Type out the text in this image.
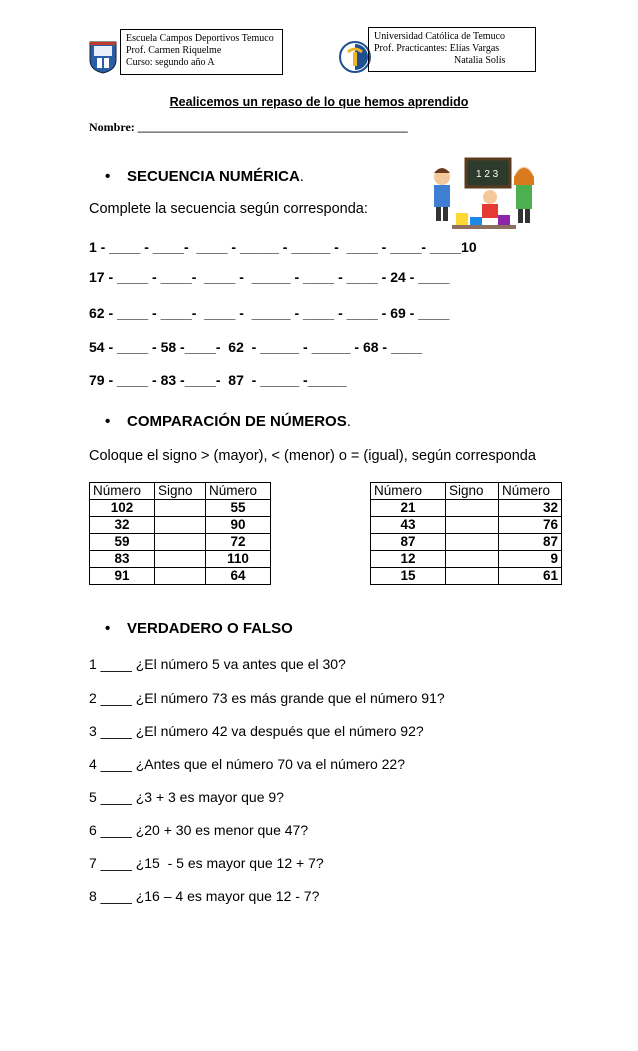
Escuela Campos Deportivos Temuco
Prof. Carmen Riquelme
Curso: segundo año A
Universidad Católica de Temuco
Prof. Practicantes: Elías Vargas
Natalia Solís
Realicemos un repaso de lo que hemos aprendido
Nombre: _____________________________________________
• SECUENCIA NUMÉRICA.	1 2 3
Complete la secuencia según corresponda:
1 - ____ - ____-  ____ - _____ - _____ -  ____ - ____- ____10
17 - ____ - ____-  ____ -  _____ - ____ - ____ - 24 - ____
62 - ____ - ____-  ____ -  _____ - ____ - ____ - 69 - ____
54 - ____ - 58 -____-  62  - _____ - _____ - 68 - ____
79 - ____ - 83 -____-  87  - _____ -_____
• COMPARACIÓN DE NÚMEROS.
Coloque el signo > (mayor), < (menor) o = (igual), según corresponda
Número	Signo	Número
102		55
32		90
59		72
83		110
91		64
Número	Signo	Número
21		32
43		76
87		87
12		9
15		61
• VERDADERO O FALSO
1 ____ ¿El número 5 va antes que el 30?
2 ____ ¿El número 73 es más grande que el número 91?
3 ____ ¿El número 42 va después que el número 92?
4 ____ ¿Antes que el número 70 va el número 22?
5 ____ ¿3 + 3 es mayor que 9?
6 ____ ¿20 + 30 es menor que 47?
7 ____ ¿15  - 5 es mayor que 12 + 7?
8 ____ ¿16 – 4 es mayor que 12 - 7?
